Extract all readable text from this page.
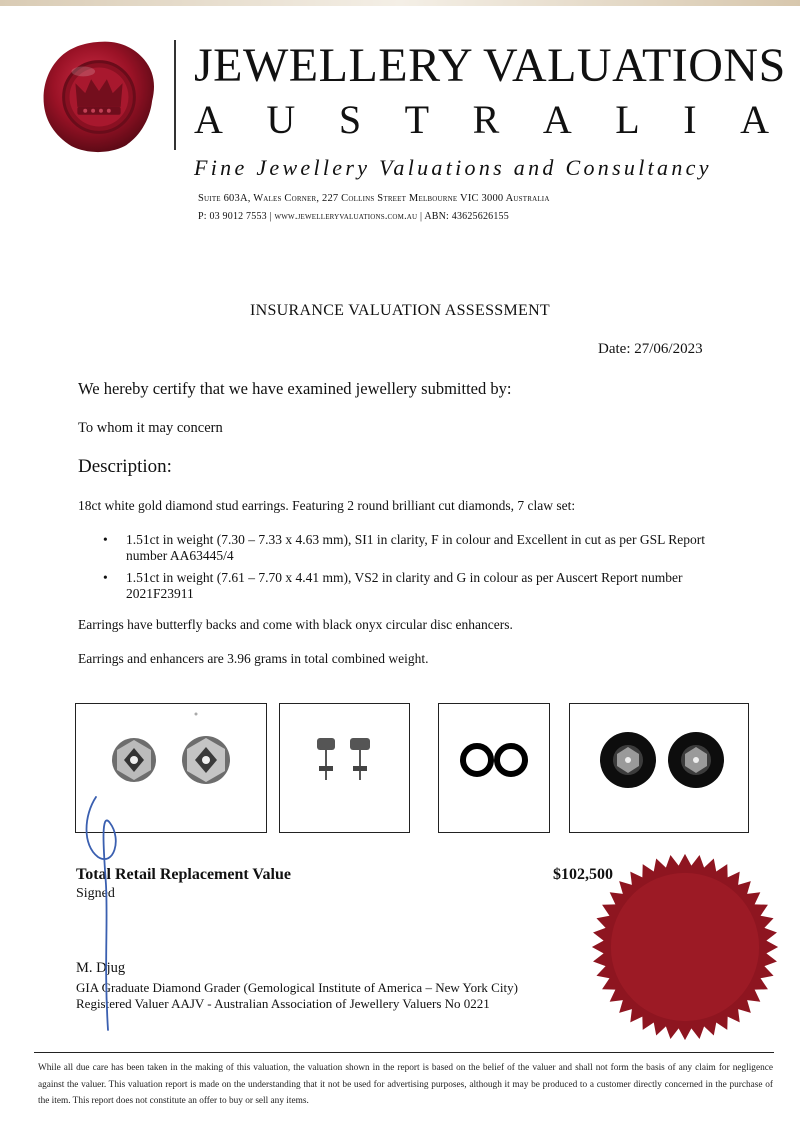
JEWELLERY VALUATIONS
A U S T R A L I A
Fine Jewellery Valuations and Consultancy
Suite 603A, Wales Corner, 227 Collins Street Melbourne VIC 3000 Australia
P: 03 9012 7553 | www.jewelleryvaluations.com.au | ABN: 43625626155
INSURANCE VALUATION ASSESSMENT
Date: 27/06/2023
We hereby certify that we have examined jewellery submitted by:
To whom it may concern
Description:
18ct white gold diamond stud earrings. Featuring 2 round brilliant cut diamonds, 7 claw set:
• 1.51ct in weight (7.30 – 7.33 x 4.63 mm), SI1 in clarity, F in colour and Excellent in cut as per GSL Report number AA63445/4
• 1.51ct in weight (7.61 – 7.70 x 4.41 mm), VS2 in clarity and G in colour as per Auscert Report number 2021F23911
Earrings have butterfly backs and come with black onyx circular disc enhancers.
Earrings and enhancers are 3.96 grams in total combined weight.
Total Retail Replacement Value	$102,500
Signed
M. Djug
GIA Graduate Diamond Grader (Gemological Institute of America – New York City)
Registered Valuer AAJV - Australian Association of Jewellery Valuers No 0221
While all due care has been taken in the making of this valuation, the valuation shown in the report is based on the belief of the valuer and shall not form the basis of any claim for negligence against the valuer. This valuation report is made on the understanding that it not be used for advertising purposes, although it may be produced to a customer directly concerned in the purchase of the item. This report does not constitute an offer to buy or sell any items.
